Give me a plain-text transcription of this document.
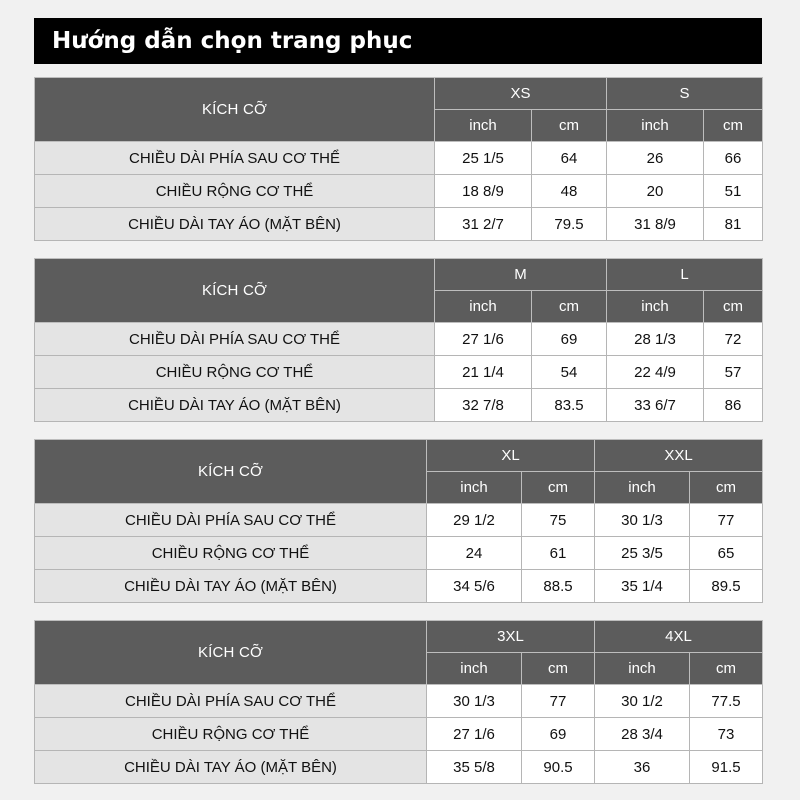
Hướng dẫn chọn trang phục
KÍCH CỠ	XS		S	
	inch	cm	inch	cm
CHIỀU DÀI PHÍA SAU CƠ THỂ	25 1/5	64	26	66
CHIỀU RỘNG CƠ THỂ	18 8/9	48	20	51
CHIỀU DÀI TAY ÁO (MẶT BÊN)	31 2/7	79.5	31 8/9	81
KÍCH CỠ	M		L	
	inch	cm	inch	cm
CHIỀU DÀI PHÍA SAU CƠ THỂ	27 1/6	69	28 1/3	72
CHIỀU RỘNG CƠ THỂ	21 1/4	54	22 4/9	57
CHIỀU DÀI TAY ÁO (MẶT BÊN)	32 7/8	83.5	33 6/7	86
KÍCH CỠ	XL		XXL	
	inch	cm	inch	cm
CHIỀU DÀI PHÍA SAU CƠ THỂ	29 1/2	75	30 1/3	77
CHIỀU RỘNG CƠ THỂ	24	61	25 3/5	65
CHIỀU DÀI TAY ÁO (MẶT BÊN)	34 5/6	88.5	35 1/4	89.5
KÍCH CỠ	3XL		4XL	
	inch	cm	inch	cm
CHIỀU DÀI PHÍA SAU CƠ THỂ	30 1/3	77	30 1/2	77.5
CHIỀU RỘNG CƠ THỂ	27 1/6	69	28 3/4	73
CHIỀU DÀI TAY ÁO (MẶT BÊN)	35 5/8	90.5	36	91.5
